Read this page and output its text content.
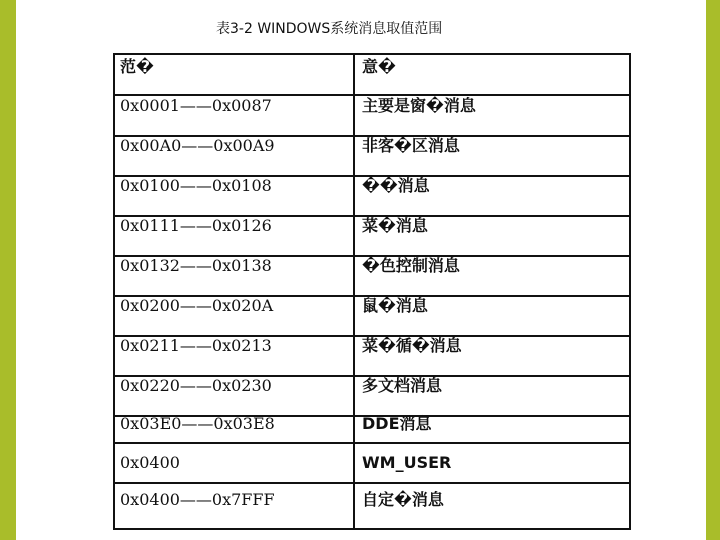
表3-2 WINDOWS系统消息取值范围
范�	意�
0x0001——0x0087	主要是窗�消息
0x00A0——0x00A9	非客�区消息
0x0100——0x0108	��消息
0x0111——0x0126	菜�消息
0x0132——0x0138	�色控制消息
0x0200——0x020A	鼠�消息
0x0211——0x0213	菜�循�消息
0x0220——0x0230	多文档消息
0x03E0——0x03E8	DDE消息
0x0400	WM_USER
0x0400——0x7FFF	自定�消息
